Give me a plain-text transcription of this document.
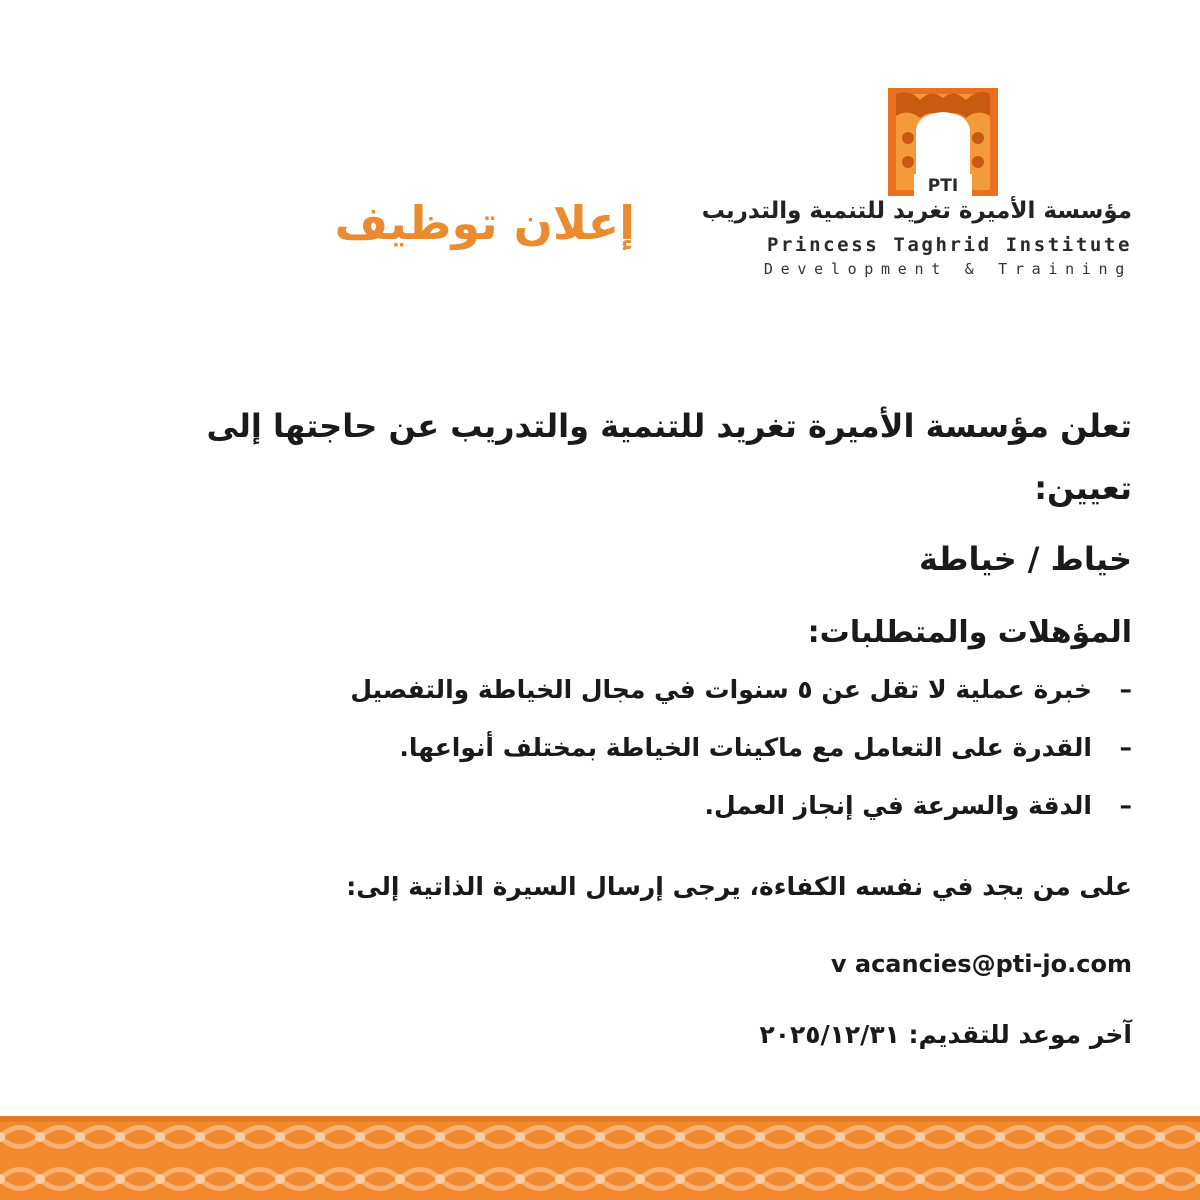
PTI
مؤسسة الأميرة تغريد للتنمية والتدريب
Princess Taghrid Institute
Development & Training
إعلان توظيف
تعلن مؤسسة الأميرة تغريد للتنمية والتدريب عن حاجتها إلى تعيين:
خياط / خياطة
المؤهلات والمتطلبات:
–خبرة عملية لا تقل عن ٥ سنوات في مجال الخياطة والتفصيل
–القدرة على التعامل مع ماكينات الخياطة بمختلف أنواعها.
–الدقة والسرعة في إنجاز العمل.
على من يجد في نفسه الكفاءة، يرجى إرسال السيرة الذاتية إلى:
v acancies@pti-jo.com
آخر موعد للتقديم: ٢٠٢٥/١٢/٣١
